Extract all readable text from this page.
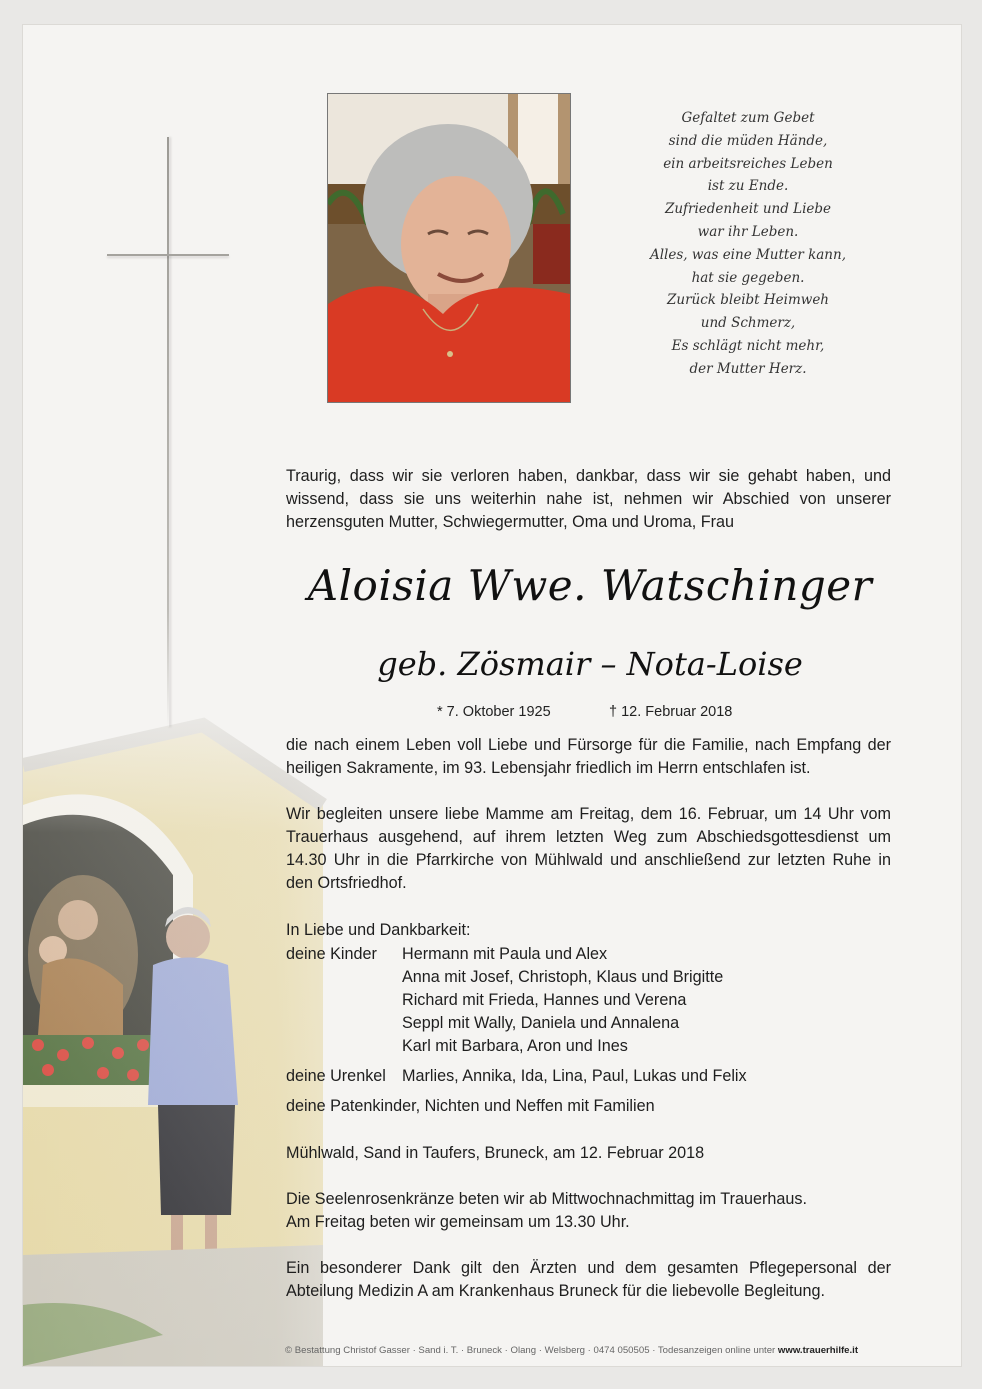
Gefaltet zum Gebet
sind die müden Hände,
ein arbeitsreiches Leben
ist zu Ende.
Zufriedenheit und Liebe
war ihr Leben.
Alles, was eine Mutter kann,
hat sie gegeben.
Zurück bleibt Heimweh
und Schmerz,
Es schlägt nicht mehr,
der Mutter Herz.
Traurig, dass wir sie verloren haben, dankbar, dass wir sie gehabt haben, und
wissend, dass sie uns weiterhin nahe ist, nehmen wir Abschied von unserer
herzensguten Mutter, Schwiegermutter, Oma und Uroma, Frau
Aloisia Wwe. Watschinger
geb. Zösmair – Nota-Loise
* 7. Oktober 1925	† 12. Februar 2018
die nach einem Leben voll Liebe und Fürsorge für die Familie, nach Empfang der
heiligen Sakramente, im 93. Lebensjahr friedlich im Herrn entschlafen ist.
Wir begleiten unsere liebe Mamme am Freitag, dem 16. Februar, um 14 Uhr vom
Trauerhaus ausgehend, auf ihrem letzten Weg zum Abschiedsgottesdienst um
14.30 Uhr in die Pfarrkirche von Mühlwald und anschließend zur letzten Ruhe in
den Ortsfriedhof.
In Liebe und Dankbarkeit:
deine Kinder Hermann mit Paula und Alex
Anna mit Josef, Christoph, Klaus und Brigitte
Richard mit Frieda, Hannes und Verena
Seppl mit Wally, Daniela und Annalena
Karl mit Barbara, Aron und Ines
deine Urenkel Marlies, Annika, Ida, Lina, Paul, Lukas und Felix
deine Patenkinder, Nichten und Neffen mit Familien
Mühlwald, Sand in Taufers, Bruneck, am 12. Februar 2018
Die Seelenrosenkränze beten wir ab Mittwochnachmittag im Trauerhaus.
Am Freitag beten wir gemeinsam um 13.30 Uhr.
Ein besonderer Dank gilt den Ärzten und dem gesamten Pflegepersonal der
Abteilung Medizin A am Krankenhaus Bruneck für die liebevolle Begleitung.
© Bestattung Christof Gasser · Sand i. T. · Bruneck · Olang · Welsberg · 0474 050505 · Todesanzeigen online unter www.trauerhilfe.it
